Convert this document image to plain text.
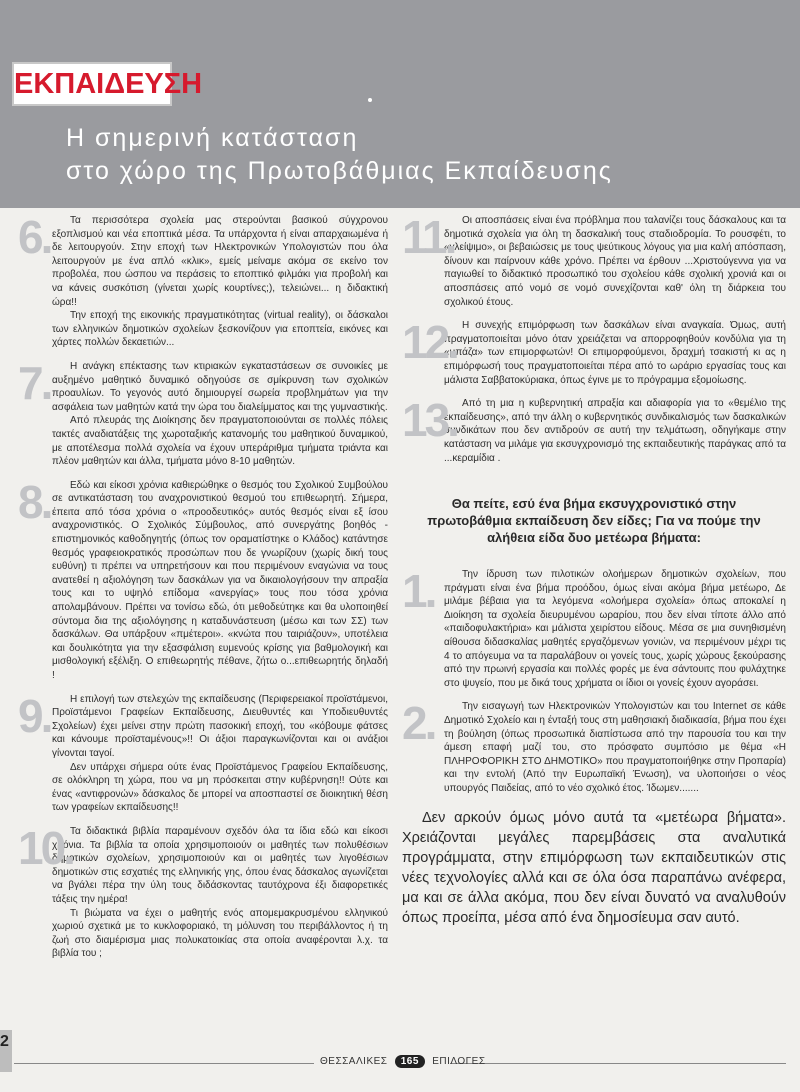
ΕΚΠΑΙΔΕΥΣΗ
Η σημερινή κατάσταση
στο χώρο της Πρωτοβάθμιας Εκπαίδευσης
6.	Τα περισσότερα σχολεία μας στερούνται βασικού σύγχρονου εξοπλισμού και νέα εποπτικά μέσα. Τα υπάρχοντα ή είναι απαρχαιωμένα ή δε λειτουργούν. Στην εποχή των Ηλεκτρονικών Υπολογιστών που όλα λειτουργούν με ένα απλό «κλικ», εμείς μείναμε ακόμα σε εκείνο τον προβολέα, που ώσπου να περάσεις το εποπτικό φιλμάκι για προβολή και να κάνεις συσκότιση (γίνεται χωρίς κουρτίνες;), τελειώνει... η διδακτική ώρα!!

Την εποχή της εικονικής πραγματικότητας (virtual reality), οι δάσκαλοι των ελληνικών δημοτικών σχολείων ξεσκονίζουν για εποπτεία, εικόνες και χάρτες πολλών δεκαετιών...

7.	Η ανάγκη επέκτασης των κτιριακών εγκαταστάσεων σε συνοικίες με αυξημένο μαθητικό δυναμικό οδηγούσε σε σμίκρυνση των σχολικών προαυλίων. Το γεγονός αυτό δημιουργεί σωρεία προβλημάτων για την ασφάλεια των μαθητών κατά την ώρα του διαλείμματος και της γυμναστικής.

Από πλευράς της Διοίκησης δεν πραγματοποιούνται σε πολλές πόλεις τακτές αναδιατάξεις της χωροταξικής κατανομής του μαθητικού δυναμικού, με αποτέλεσμα πολλά σχολεία να έχουν υπεράριθμα τμήματα τριάντα και πλέον μαθητών και άλλα, τμήματα μόνο 8-10 μαθητών.

8.	Εδώ και είκοσι χρόνια καθιερώθηκε ο θεσμός του Σχολικού Συμβούλου σε αντικατάσταση του αναχρονιστικού θεσμού του επιθεωρητή. Σήμερα, έπειτα από τόσα χρόνια ο «προοδευτικός» αυτός θεσμός είναι εξ ίσου αναχρονιστικός. Ο Σχολικός Σύμβουλος, από συνεργάτης βοηθός - επιστημονικός καθοδηγητής (όπως τον οραματίστηκε ο Κλάδος) κατάντησε θεσμός γραφειοκρατικός προσώπων που δε γνωρίζουν (χωρίς δική τους ευθύνη) τι πρέπει να υπηρετήσουν και που περιμένουν εναγώνια να τους ανατεθεί η αξιολόγηση των δασκάλων για να δικαιολογήσουν την απραξία τους και το υψηλό επίδομα «ανεργίας» τους που τόσα χρόνια απολαμβάνουν. Πρέπει να τονίσω εδώ, ότι μεθοδεύτηκε και θα υλοποιηθεί σύντομα δια της αξιολόγησης η καταδυνάστευση (μέσω και των ΣΣ) των δασκάλων. Θα υπάρξουν «πμέτεροι». «κνώτα που ταιριάζουν», υποτέλεια και δουλικότητα για την εξασφάλιση ευμενούς κρίσης για βαθμολογική και μισθολογική εξέλιξη. Ο επιθεωρητής πέθανε, ζήτω ο...επιθεωρητής δηλαδή !

9.	Η επιλογή των στελεχών της εκπαίδευσης (Περιφερειακοί προϊστάμενοι, Προϊστάμενοι Γραφείων Εκπαίδευσης, Διευθυντές και Υποδιευθυντές Σχολείων) έχει μείνει στην πρώτη πασοκική εποχή, του «κόβουμε φάτσες και κάνουμε προϊσταμένους»!! Οι άξιοι παραγκωνίζονται και οι ανάξιοι γίνονται ταγοί.

Δεν υπάρχει σήμερα ούτε ένας Προϊστάμενος Γραφείου Εκπαίδευσης, σε ολόκληρη τη χώρα, που να μη πρόσκειται στην κυβέρνηση!! Ούτε και ένας «αντιφρονών» δάσκαλος δε μπορεί να αποσπαστεί σε διοικητική θέση των γραφείων εκπαίδευσης!!

10.

Τα διδακτικά βιβλία παραμένουν σχεδόν όλα τα ίδια εδώ και είκοσι χρόνια. Τα βιβλία τα οποία χρησιμοποιούν οι μαθητές των πολυθέσιων δημοτικών σχολείων, χρησιμοποιούν και οι μαθητές των λιγοθέσιων δημοτικών στις εσχατιές της ελληνικής γης, όπου ένας δάσκαλος αγωνίζεται να βγάλει πέρα την ύλη τους διδάσκοντας ταυτόχρονα έξι διαφορετικές τάξεις την ημέρα!

Τι βιώματα να έχει ο μαθητής ενός απομεμακρυσμένου ελληνικού χωριού σχετικά με το κυκλοφοριακό, τη μόλυνση του περιβάλλοντος ή τη ζωή στο διαμέρισμα μιας πολυκατοικίας στα οποία αναφέρονται λ.χ. τα βιβλία του ;

11. Οι αποσπάσεις είναι ένα πρόβλημα που ταλανίζει τους δάσκαλους και τα δημοτικά σχολεία για όλη τη δασκαλική τους σταδιοδρομία. Το ρουσφέτι, το «γλείψιμο», οι βεβαιώσεις με τους ψεύτικους λόγους για μια καλή απόσπαση, δίνουν και παίρνουν κάθε χρόνο. Πρέπει να έρθουν ...Χριστούγεννα για να παγιωθεί το διδακτικό προσωπικό του σχολείου κάθε σχολική χρονιά και οι αποσπάσεις από νομό σε νομό συνεχίζονται καθ' όλη τη διάρκεια του σχολικού έτους.

12. Η συνεχής επιμόρφωση των δασκάλων είναι αναγκαία. Όμως, αυτή πραγματοποιείται μόνο όταν χρειάζεται να απορροφηθούν κονδύλια για τη «μπάζα» των επιμορφωτών! Οι επιμορφούμενοι, δραχμή τσακιστή κι ας η επιμόρφωσή τους πραγματοποιείται πέρα από το ωράριο εργασίας τους και μάλιστα Σαββατοκύριακα, όπως έγινε με το πρόγραμμα εξομοίωσης.

13. Από τη μια η κυβερνητική απραξία και αδιαφορία για το «θεμέλιο της εκπαίδευσης», από την άλλη ο κυβερνητικός συνδικαλισμός των δασκαλικών συνδικάτων που δεν αντιδρούν σε αυτή την τελμάτωση, οδηγήκαμε στην κατάσταση να μιλάμε για εκσυγχρονισμό της εκπαιδευτικής παράγκας από τα ...κεραμίδια .

Θα πείτε, εσύ ένα βήμα εκσυγχρονιστικό στην πρωτοβάθμια εκπαίδευση δεν είδες; Για να πούμε την αλήθεια είδα δυο μετέωρα βήματα:
1.	Την ίδρυση των πιλοτικών ολοήμερων δημοτικών σχολείων, που πράγματι είναι ένα βήμα προόδου, όμως είναι ακόμα βήμα μετέωρο, Δε μιλάμε βέβαια για τα λεγόμενα «ολοήμερα σχολεία» όπως αποκαλεί η Διοίκηση τα σχολεία διευρυμένου ωραρίου, που δεν είναι τίποτε άλλο από «παιδοφυλακτήρια» και μάλιστα χειρίστου είδους. Μέσα σε μια συνηθισμένη αίθουσα διδασκαλίας μαθητές εργαζόμενων γονιών, να περιμένουν μέχρι τις 4 το απόγευμα να τα παραλάβουν οι γονείς τους, χωρίς χώρους ξεκούρασης από την πρωινή εργασία και πολλές φορές με ένα σάντουιτς που φυλάχτηκε στο ψυγείο, που με δικά τους χρήματα οι ίδιοι οι γονείς έχουν αγοράσει.

2.	Την εισαγωγή των Ηλεκτρονικών Υπολογιστών και του Internet σε κάθε Δημοτικό Σχολείο και η ένταξή τους στη μαθησιακή διαδικασία, βήμα που έχει τη βούληση (όπως προσωπικά διαπίστωσα από την παρουσία του και την άμεση επαφή μαζί του, στο πρόσφατο συμπόσιο με θέμα «Η ΠΛΗΡΟΦΟΡΙΚΗ ΣΤΟ ΔΗΜΟΤΙΚΟ» που πραγματοποιήθηκε στην Προπαρία) και την εντολή (Από την Ευρωπαϊκή Ένωση), να υλοποιήσει ο νέος υπουργός Παιδείας, από το νέο σχολικό έτος. Ίδωμεν.......

Δεν αρκούν όμως μόνο αυτά τα «μετέωρα βήματα». Χρειάζονται μεγάλες παρεμβάσεις στα αναλυτικά προγράμματα, στην επιμόρφωση των εκπαιδευτικών στις νέες τεχνολογίες αλλά και σε όλα όσα παραπάνω ανέφερα, μα και σε άλλα ακόμα, που δεν είναι δυνατό να αναλυθούν όπως προείπα, μέσα από ένα δημοσίευμα σαν αυτό.

2
ΘΕΣΣΑΛΙΚΕΣ 165 ΕΠΙΛΟΓΕΣ
